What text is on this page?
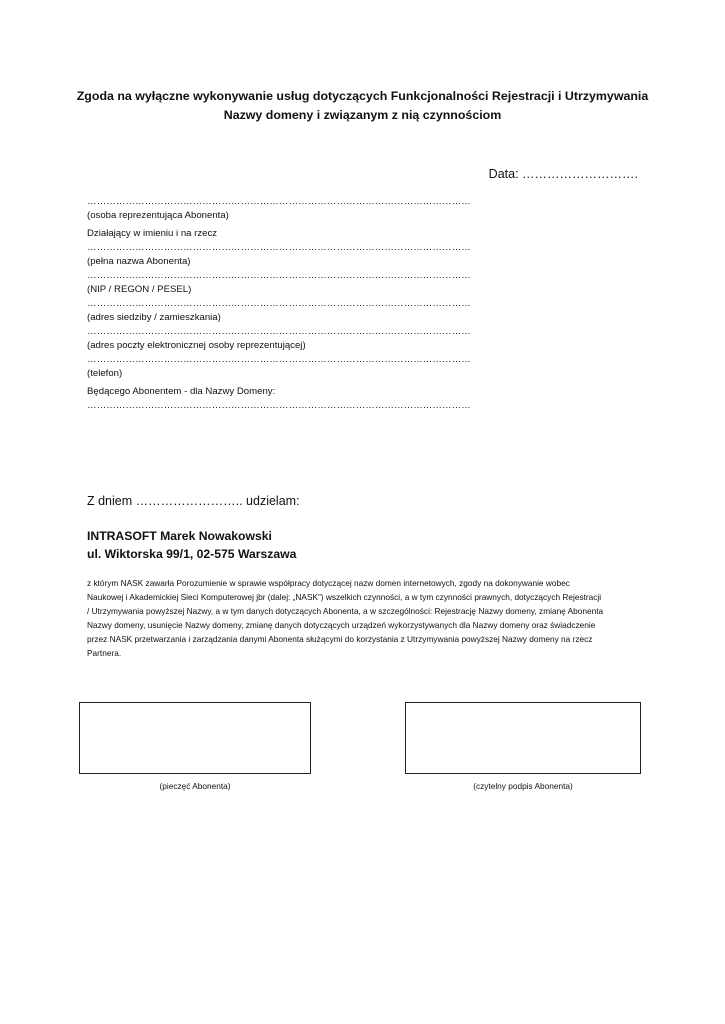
Zgoda na wyłączne wykonywanie usług dotyczących Funkcjonalności Rejestracji i Utrzymywania
Nazwy domeny i związanym z nią czynnościom
Data: ……………………….
…………………………………………………………………………………………………………
(osoba reprezentująca Abonenta)
Działający w imieniu i na rzecz
…………………………………………………………………………………………………………
(pełna nazwa Abonenta)
…………………………………………………………………………………………………………
(NIP / REGON / PESEL)
…………………………………………………………………………………………………………
(adres siedziby / zamieszkania)
…………………………………………………………………………………………………………
(adres poczty elektronicznej osoby reprezentującej)
…………………………………………………………………………………………………………
(telefon)
Będącego Abonentem - dla Nazwy Domeny:
…………………………………………………………………………………………………………
Z dniem …………………….. udzielam:
INTRASOFT Marek Nowakowski
ul. Wiktorska 99/1, 02-575 Warszawa
z którym NASK zawarła Porozumienie w sprawie współpracy dotyczącej nazw domen internetowych, zgody na dokonywanie wobec
Naukowej i Akademickiej Sieci Komputerowej jbr (dalej: „NASK”) wszelkich czynności, a w tym czynności prawnych, dotyczących Rejestracji
/ Utrzymywania powyższej Nazwy, a w tym danych dotyczących Abonenta, a w szczególności: Rejestrację Nazwy domeny, zmianę Abonenta
Nazwy domeny, usunięcie Nazwy domeny, zmianę danych dotyczących urządzeń wykorzystywanych dla Nazwy domeny oraz świadczenie
przez NASK przetwarzania i zarządzania danymi Abonenta służącymi do korzystania z Utrzymywania powyższej Nazwy domeny na rzecz
Partnera.
(pieczęć Abonenta)	(czytelny podpis Abonenta)
